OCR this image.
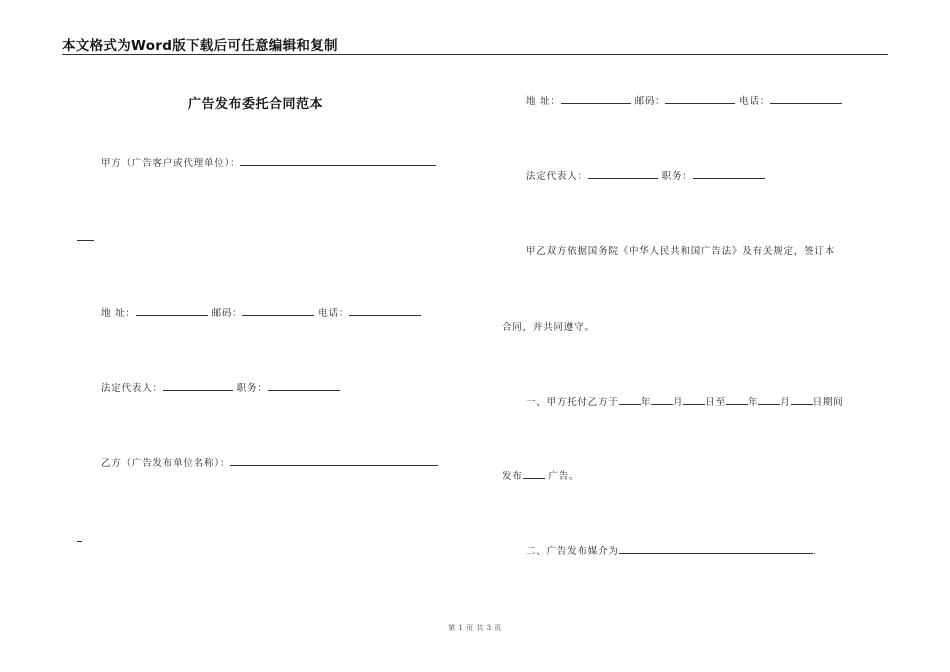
本文格式为Word版下载后可任意编辑和复制
广告发布委托合同范本
甲方（广告客户或代理单位）：
地 址：	邮码：	电话：
法定代表人：	职务：
乙方（广告发布单位名称）：
地 址：	邮码：	电话：
法定代表人：	职务：
甲乙双方依据国务院《中华人民共和国广告法》及有关规定，签订本
合同，并共同遵守。
一、甲方托付乙方于 年 月 日至 年 月 日期间
发布 广告。
二、广告发布媒介为	.
第 1 页 共 3 页
